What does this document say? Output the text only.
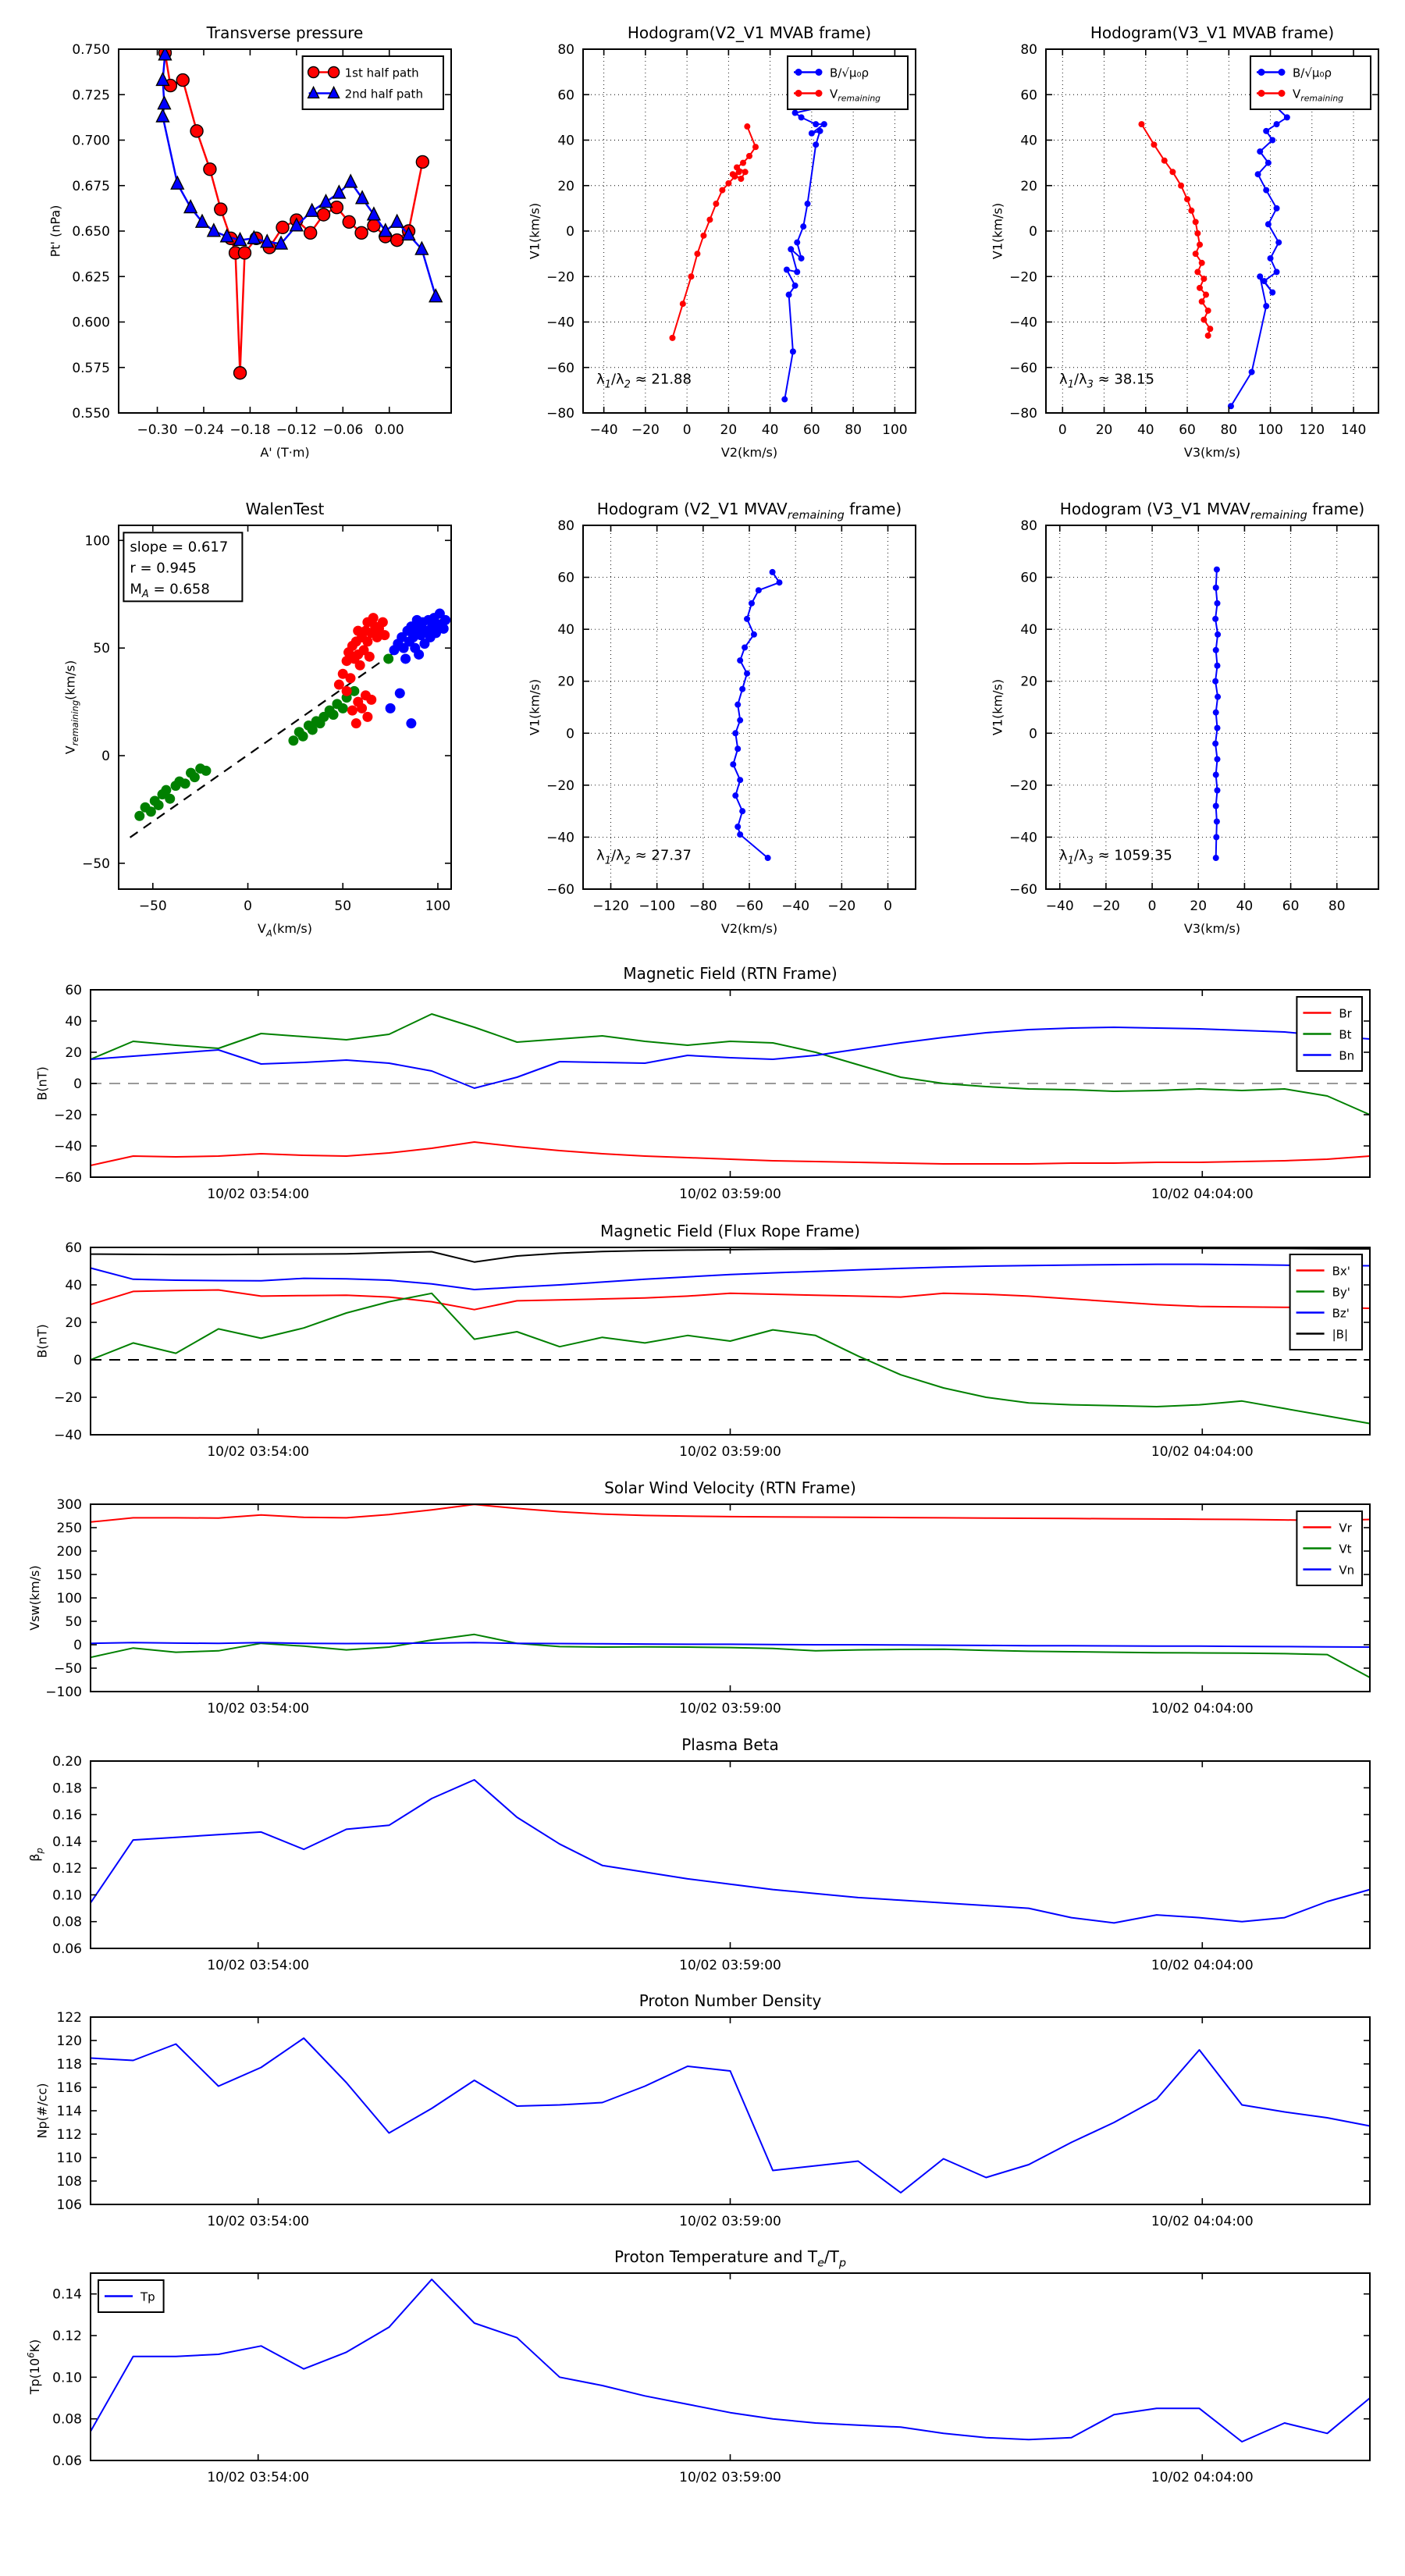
−0.30 −0.24 −0.18 −0.12 −0.06 0.00
0.550
0.575
0.600
0.625
0.650
0.675
0.700
0.725
0.750
Transverse pressure
A' (T·m)
Pt' (nPa)
1st half path
2nd half path
−40 −20 0 20 40 60 80 100
−80
−60
−40
−20
0
20
40
60
80
Hodogram(V2_V1 MVAB frame)
V2(km/s)
V1(km/s)
$\lambda_1/\lambda_2 \approx 21.88$
B/√μ₀ρ
$V_{remaining}$
0 20 40 60 80 100 120 140
−80
−60
−40
−20
0
20
40
60
80
Hodogram(V3_V1 MVAB frame)
V3(km/s)
V1(km/s)
$\lambda_1/\lambda_3 \approx 38.15$
B/√μ₀ρ
$V_{remaining}$
−50	0	50	100
−50
0
50
100
WalenTest
$V_A(km/s)$
$V_{remaining}(km/s)$
slope = 0.617
r = 0.945
$M_A = 0.658$
−120 −100 −80 −60 −40 −20 0
−60
−40
−20
0
20
40
60
80
Hodogram (V2_V1 $MVAV_{remaining}$ frame)
V2(km/s)
V1(km/s)
$\lambda_1/\lambda_2 \approx 27.37$
−40 −20 0	20 40 60 80
−60
−40
−20
0
20
40
60
80
Hodogram (V3_V1 $MVAV_{remaining}$ frame)
V3(km/s)
V1(km/s)
$\lambda_1/\lambda_3 \approx 1059.35$
10/02 03:54:00	10/02 03:59:00	10/02 04:04:00
−60
−40
−20
0
20
40
60
Magnetic Field (RTN Frame)
B(nT)
Br
Bt
Bn
10/02 03:54:00	10/02 03:59:00	10/02 04:04:00
−40
−20
0
20
40
60
Magnetic Field (Flux Rope Frame)
B(nT)
Bx'
By'
Bz'
|B|
10/02 03:54:00	10/02 03:59:00	10/02 04:04:00
−100
−50
0
50
100
150
200
250
300
Solar Wind Velocity (RTN Frame)
Vsw(km/s)
Vr
Vt
Vn
10/02 03:54:00	10/02 03:59:00	10/02 04:04:00
0.06
0.08
0.10
0.12
0.14
0.16
0.18
0.20
Plasma Beta
$\beta_p$
10/02 03:54:00	10/02 03:59:00	10/02 04:04:00
106
108
110
112
114
116
118
120
122
Proton Number Density
Np(#/cc)
10/02 03:54:00	10/02 03:59:00	10/02 04:04:00
0.06
0.08
0.10
0.12
0.14
Proton Temperature and $T_e/T_p$
$Tp(10^6K)$
Tp
